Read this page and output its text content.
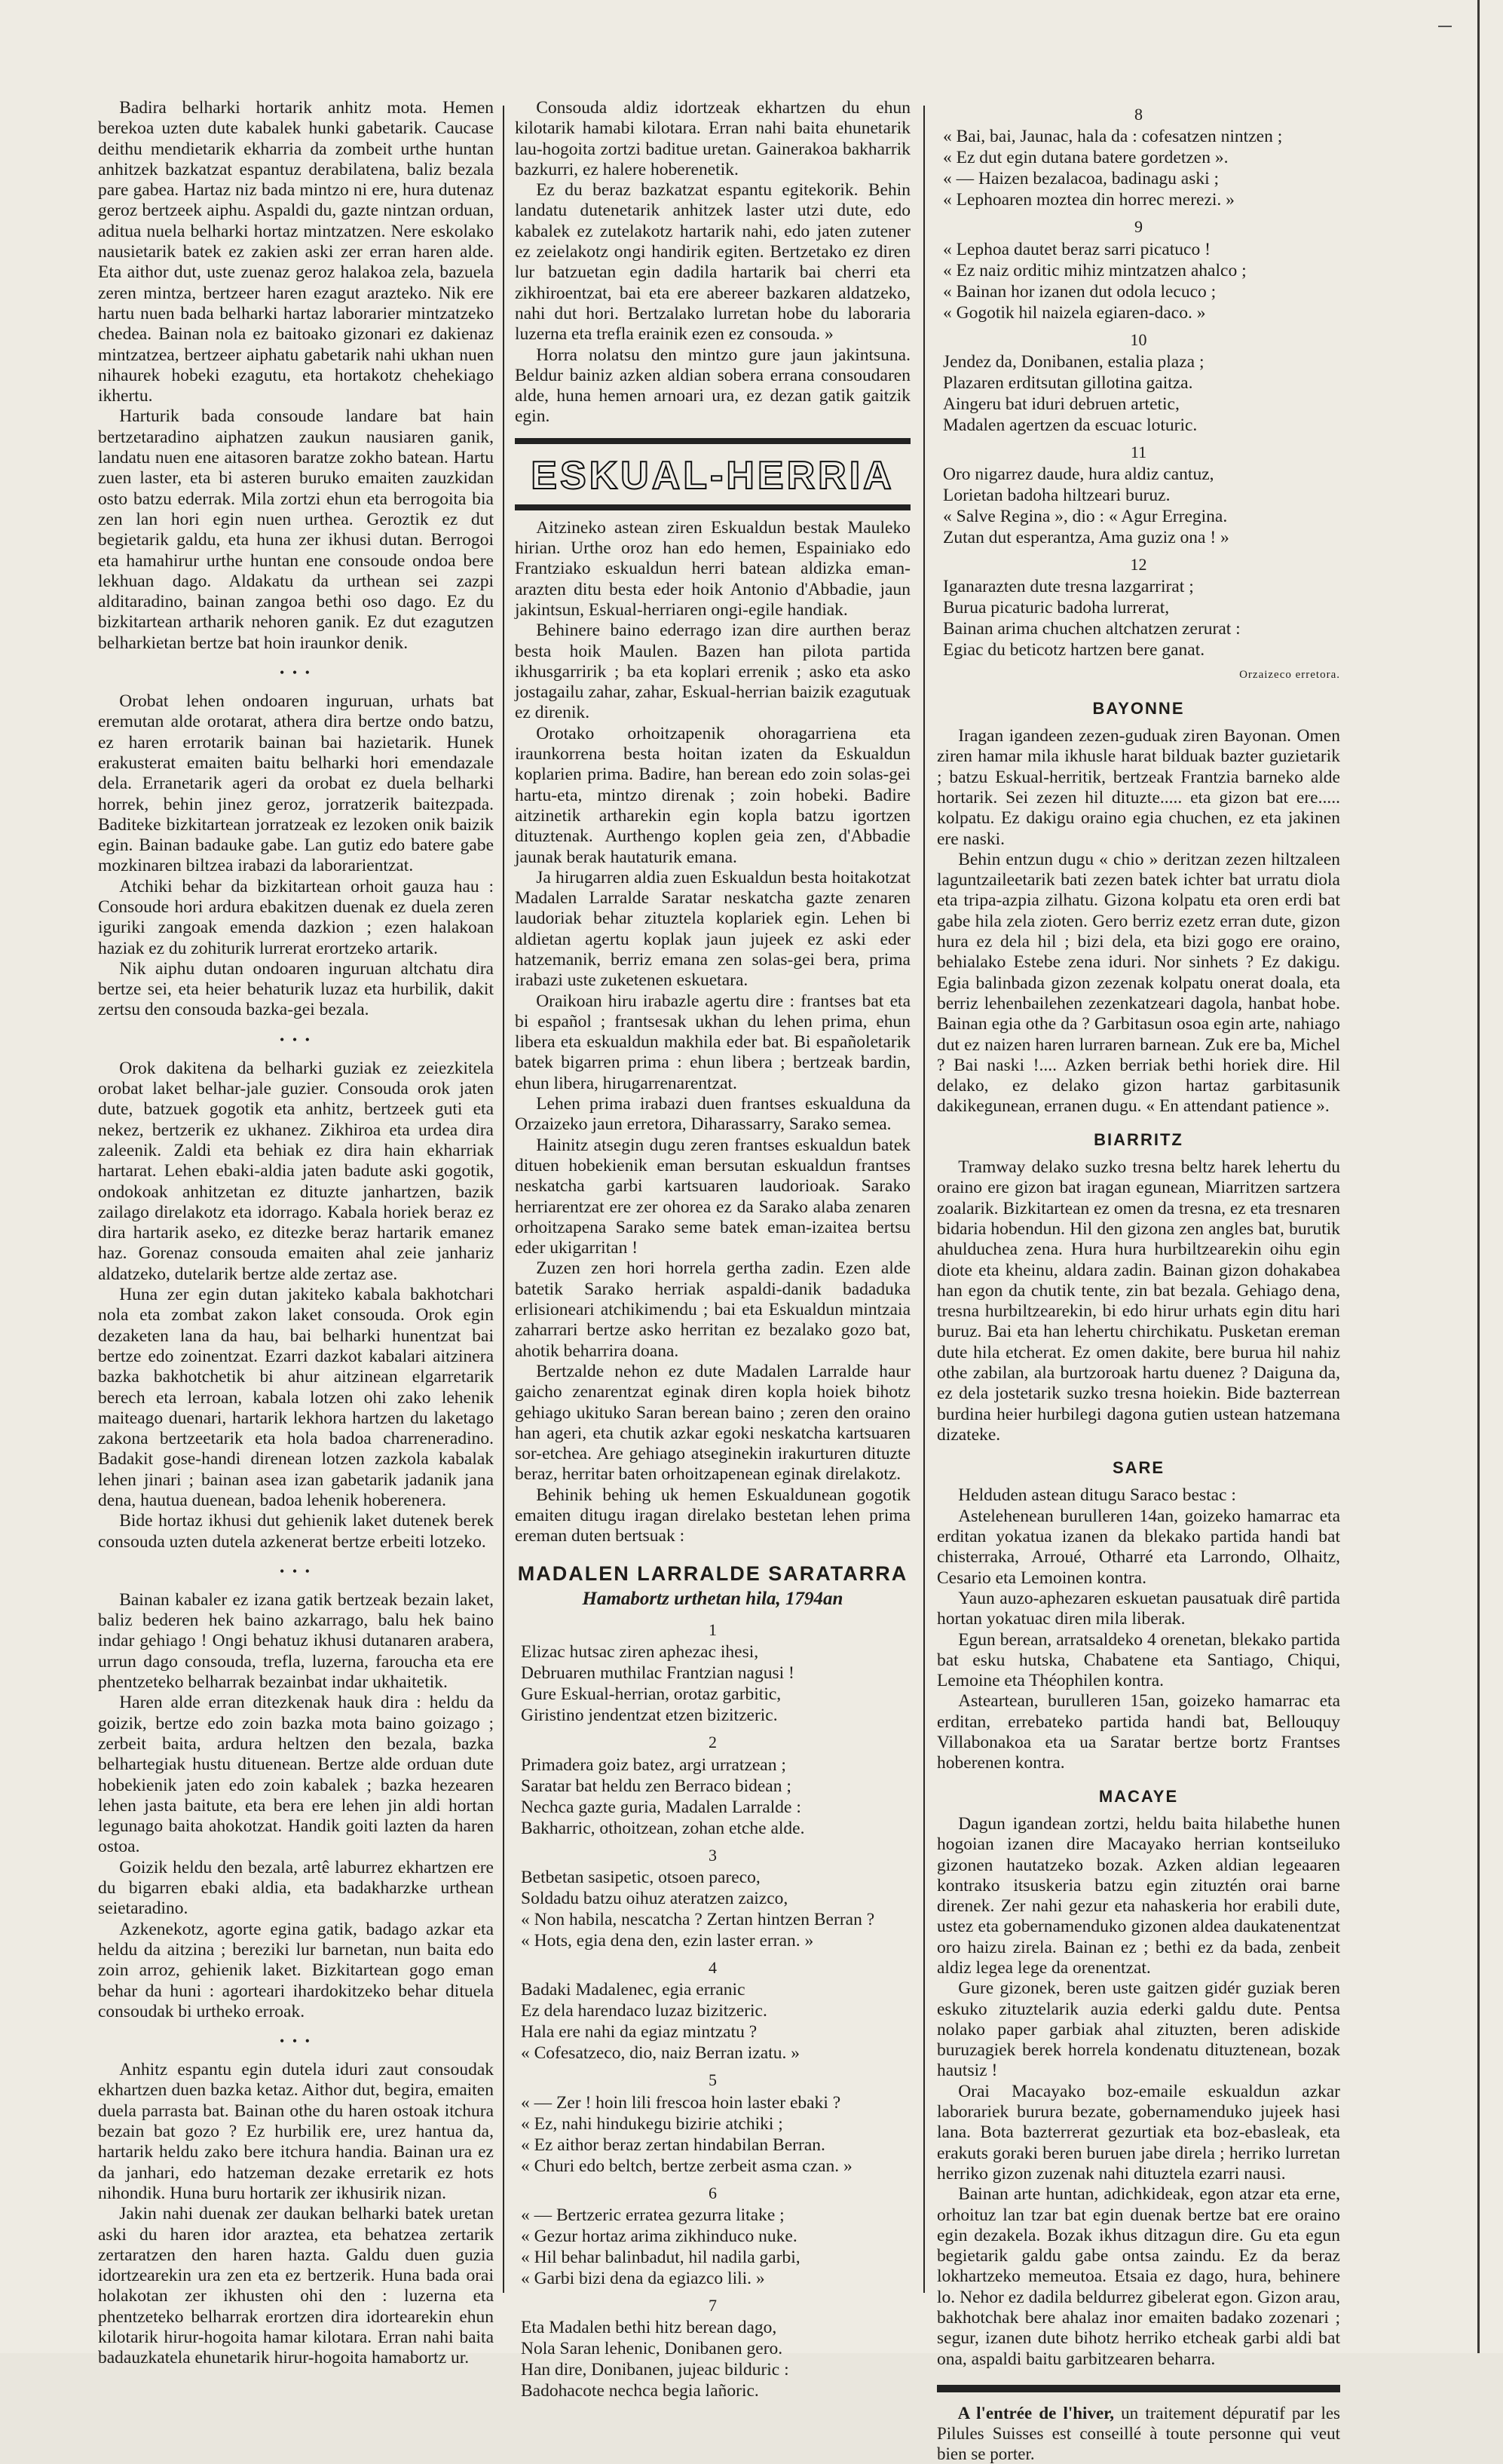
Badira belharki hortarik anhitz mota. Hemen berekoa uzten dute kabalek hunki gabetarik. Caucase deithu mendietarik ekharria da zombeit urthe huntan anhitzek bazkatzat espantuz derabilatena, baliz bezala pare gabea. Hartaz niz bada mintzo ni ere, hura dutenaz geroz bertzeek aiphu. Aspaldi du, gazte nintzan orduan, aditua nuela belharki hortaz mintzatzen. Nere eskolako nausietarik batek ez zakien aski zer erran haren alde. Eta aithor dut, uste zuenaz geroz halakoa zela, bazuela zeren mintza, bertzeer haren ezagut arazteko. Nik ere hartu nuen bada belharki hartaz laborarier mintzatzeko chedea. Bainan nola ez baitoako gizonari ez dakienaz mintzatzea, bertzeer aiphatu gabetarik nahi ukhan nuen nihaurek hobeki ezagutu, eta hortakotz chehekiago ikhertu.

Harturik bada consoude landare bat hain bertzetaradino aiphatzen zaukun nausiaren ganik, landatu nuen ene aitasoren baratze zokho batean. Hartu zuen laster, eta bi asteren buruko emaiten zauzkidan osto batzu ederrak. Mila zortzi ehun eta berrogoita bia zen lan hori egin nuen urthea. Geroztik ez dut begietarik galdu, eta huna zer ikhusi dutan. Berrogoi eta hamahirur urthe huntan ene consoude ondoa bere lekhuan dago. Aldakatu da urthean sei zazpi alditaradino, bainan zangoa bethi oso dago. Ez du bizkitartean artharik nehoren ganik. Ez dut ezagutzen belharkietan bertze bat hoin iraunkor denik.

• • •

Orobat lehen ondoaren inguruan, urhats bat eremutan alde orotarat, athera dira bertze ondo batzu, ez haren errotarik bainan bai hazietarik. Hunek erakusterat emaiten baitu belharki hori emendazale dela. Erranetarik ageri da orobat ez duela belharki horrek, behin jinez geroz, jorratzerik baitezpada. Baditeke bizkitartean jorratzeak ez lezoken onik baizik egin. Bainan badauke gabe. Lan gutiz edo batere gabe mozkinaren biltzea irabazi da laborarientzat.

Atchiki behar da bizkitartean orhoit gauza hau : Consoude hori ardura ebakitzen duenak ez duela zeren iguriki zangoak emenda dazkion ; ezen halakoan haziak ez du zohiturik lurrerat erortzeko artarik.

Nik aiphu dutan ondoaren inguruan altchatu dira bertze sei, eta heier behaturik luzaz eta hurbilik, dakit zertsu den consouda bazka-gei bezala.

• • •

Orok dakitena da belharki guziak ez zeiezkitela orobat laket belhar-jale guzier. Consouda orok jaten dute, batzuek gogotik eta anhitz, bertzeek guti eta nekez, bertzerik ez ukhanez. Zikhiroa eta urdea dira zaleenik. Zaldi eta behiak ez dira hain ekharriak hartarat. Lehen ebaki-aldia jaten badute aski gogotik, ondokoak anhitzetan ez dituzte janhartzen, bazik zailago direlakotz eta idorrago. Kabala horiek beraz ez dira hartarik aseko, ez ditezke beraz hartarik emanez haz. Gorenaz consouda emaiten ahal zeie janhariz aldatzeko, dutelarik bertze alde zertaz ase.

Huna zer egin dutan jakiteko kabala bakhotchari nola eta zombat zakon laket consouda. Orok egin dezaketen lana da hau, bai belharki hunentzat bai bertze edo zoinentzat. Ezarri dazkot kabalari aitzinera bazka bakhotchetik bi ahur aitzinean elgarretarik berech eta lerroan, kabala lotzen ohi zako lehenik maiteago duenari, hartarik lekhora hartzen du laketago zakona bertzeetarik eta hola badoa charreneradino. Badakit gose-handi direnean lotzen zazkola kabalak lehen jinari ; bainan asea izan gabetarik jadanik jana dena, hautua duenean, badoa lehenik hoberenera.

Bide hortaz ikhusi dut gehienik laket dutenek berek consouda uzten dutela azkenerat bertze erbeiti lotzeko.

• • •

Bainan kabaler ez izana gatik bertzeak bezain laket, baliz bederen hek baino azkarrago, balu hek baino indar gehiago ! Ongi behatuz ikhusi dutanaren arabera, urrun dago consouda, trefla, luzerna, faroucha eta ere phentzeteko belharrak bezainbat indar ukhaitetik.

Haren alde erran ditezkenak hauk dira : heldu da goizik, bertze edo zoin bazka mota baino goizago ; zerbeit baita, ardura heltzen den bezala, bazka belhartegiak hustu dituenean. Bertze alde orduan dute hobekienik jaten edo zoin kabalek ; bazka hezearen lehen jasta baitute, eta bera ere lehen jin aldi hortan legunago baita ahokotzat. Handik goiti lazten da haren ostoa.

Goizik heldu den bezala, artê laburrez ekhartzen ere du bigarren ebaki aldia, eta badakharzke urthean seietaradino.

Azkenekotz, agorte egina gatik, badago azkar eta heldu da aitzina ; bereziki lur barnetan, nun baita edo zoin arroz, gehienik laket. Bizkitartean gogo eman behar da huni : agorteari ihardokitzeko behar dituela consoudak bi urtheko erroak.

• • •

Anhitz espantu egin dutela iduri zaut consoudak ekhartzen duen bazka ketaz. Aithor dut, begira, emaiten duela parrasta bat. Bainan othe du haren ostoak itchura bezain bat gozo ? Ez hurbilik ere, urez hantua da, hartarik heldu zako bere itchura handia. Bainan ura ez da janhari, edo hatzeman dezake erretarik ez hots nihondik. Huna buru hortarik zer ikhusirik nizan.

Jakin nahi duenak zer daukan belharki batek uretan aski du haren idor araztea, eta behatzea zertarik zertaratzen den haren hazta. Galdu duen guzia idortzearekin ura zen eta ez bertzerik. Huna bada orai holakotan zer ikhusten ohi den : luzerna eta phentzeteko belharrak erortzen dira idortearekin ehun kilotarik hirur-hogoita hamar kilotara. Erran nahi baita badauzkatela ehunetarik hirur-hogoita hamabortz ur.

Consouda aldiz idortzeak ekhartzen du ehun kilotarik hamabi kilotara. Erran nahi baita ehunetarik lau-hogoita zortzi baditue uretan. Gainerakoa bakharrik bazkurri, ez halere hoberenetik.

Ez du beraz bazkatzat espantu egitekorik. Behin landatu dutenetarik anhitzek laster utzi dute, edo kabalek ez zutelakotz hartarik nahi, edo jaten zutener ez zeielakotz ongi handirik egiten. Bertzetako ez diren lur batzuetan egin dadila hartarik bai cherri eta zikhiroentzat, bai eta ere abereer bazkaren aldatzeko, nahi dut hori. Bertzalako lurretan hobe du laboraria luzerna eta trefla erainik ezen ez consouda. »

Horra nolatsu den mintzo gure jaun jakintsuna. Beldur bainiz azken aldian sobera errana consoudaren alde, huna hemen arnoari ura, ez dezan gatik gaitzik egin.

ESKUAL-HERRIA

Aitzineko astean ziren Eskualdun bestak Mauleko hirian. Urthe oroz han edo hemen, Espainiako edo Frantziako eskualdun herri batean aldizka eman-arazten ditu besta eder hoik Antonio d'Abbadie, jaun jakintsun, Eskual-herriaren ongi-egile handiak.

Behinere baino ederrago izan dire aurthen beraz besta hoik Maulen. Bazen han pilota partida ikhusgarririk ; ba eta koplari errenik ; asko eta asko jostagailu zahar, zahar, Eskual-herrian baizik ezagutuak ez direnik.

Orotako orhoitzapenik ohoragarriena eta iraunkorrena besta hoitan izaten da Eskualdun koplarien prima. Badire, han berean edo zoin solas-gei hartu-eta, mintzo direnak ; zoin hobeki. Badire aitzinetik artharekin egin kopla batzu igortzen dituztenak. Aurthengo koplen geia zen, d'Abbadie jaunak berak hautaturik emana.

Ja hirugarren aldia zuen Eskualdun besta hoitakotzat Madalen Larralde Saratar neskatcha gazte zenaren laudoriak behar zituztela koplariek egin. Lehen bi aldietan agertu koplak jaun jujeek ez aski eder hatzemanik, berriz emana zen solas-gei bera, prima irabazi uste zuketenen eskuetara.

Oraikoan hiru irabazle agertu dire : frantses bat eta bi español ; frantsesak ukhan du lehen prima, ehun libera eta eskualdun makhila eder bat. Bi españoletarik batek bigarren prima : ehun libera ; bertzeak bardin, ehun libera, hirugarrenarentzat.

Lehen prima irabazi duen frantses eskualduna da Orzaizeko jaun erretora, Diharassarry, Sarako semea.

Hainitz atsegin dugu zeren frantses eskualdun batek dituen hobekienik eman bersutan eskualdun frantses neskatcha garbi kartsuaren laudorioak. Sarako herriarentzat ere zer ohorea ez da Sarako alaba zenaren orhoitzapena Sarako seme batek eman-izaitea bertsu eder ukigarritan !

Zuzen zen hori horrela gertha zadin. Ezen alde batetik Sarako herriak aspaldi-danik badaduka erlisioneari atchikimendu ; bai eta Eskualdun mintzaia zaharrari bertze asko herritan ez bezalako gozo bat, ahotik beharrira doana.

Bertzalde nehon ez dute Madalen Larralde haur gaicho zenarentzat eginak diren kopla hoiek bihotz gehiago ukituko Saran berean baino ; zeren den oraino han ageri, eta chutik azkar egoki neskatcha kartsuaren sor-etchea. Are gehiago atseginekin irakurturen dituzte beraz, herritar baten orhoitzapenean eginak direlakotz.

Behinik behing uk hemen Eskualdunean gogotik emaiten ditugu iragan direlako bestetan lehen prima ereman duten bertsuak :

MADALEN LARRALDE SARATARRA
Hamabortz urthetan hila, 1794an
1

Elizac hutsac ziren aphezac ihesi,

Debruaren muthilac Frantzian nagusi !

Gure Eskual-herrian, orotaz garbitic,

Giristino jendentzat etzen bizitzeric.

2

Primadera goiz batez, argi urratzean ;

Saratar bat heldu zen Berraco bidean ;

Nechca gazte guria, Madalen Larralde :

Bakharric, othoitzean, zohan etche alde.

3

Betbetan sasipetic, otsoen pareco,

Soldadu batzu oihuz ateratzen zaizco,

« Non habila, nescatcha ? Zertan hintzen Berran ?

« Hots, egia dena den, ezin laster erran. »

4

Badaki Madalenec, egia erranic

Ez dela harendaco luzaz bizitzeric.

Hala ere nahi da egiaz mintzatu ?

« Cofesatzeco, dio, naiz Berran izatu. »

5

« — Zer ! hoin lili frescoa hoin laster ebaki ?

« Ez, nahi hindukegu bizirie atchiki ;

« Ez aithor beraz zertan hindabilan Berran.

« Churi edo beltch, bertze zerbeit asma czan. »

6

« — Bertzeric erratea gezurra litake ;

« Gezur hortaz arima zikhinduco nuke.

« Hil behar balinbadut, hil nadila garbi,

« Garbi bizi dena da egiazco lili. »

7

Eta Madalen bethi hitz berean dago,

Nola Saran lehenic, Donibanen gero.

Han dire, Donibanen, jujeac bilduric :

Badohacote nechca begia lañoric.

8

« Bai, bai, Jaunac, hala da : cofesatzen nintzen ;

« Ez dut egin dutana batere gordetzen ».

« — Haizen bezalacoa, badinagu aski ;

« Lephoaren moztea din horrec merezi. »

9

« Lephoa dautet beraz sarri picatuco !

« Ez naiz orditic mihiz mintzatzen ahalco ;

« Bainan hor izanen dut odola lecuco ;

« Gogotik hil naizela egiaren-daco. »

10

Jendez da, Donibanen, estalia plaza ;

Plazaren erditsutan gillotina gaitza.

Aingeru bat iduri debruen artetic,

Madalen agertzen da escuac loturic.

11

Oro nigarrez daude, hura aldiz cantuz,

Lorietan badoha hiltzeari buruz.

« Salve Regina », dio : « Agur Erregina.

Zutan dut esperantza, Ama guziz ona ! »

12

Iganarazten dute tresna lazgarrirat ;

Burua picaturic badoha lurrerat,

Bainan arima chuchen altchatzen zerurat :

Egiac du beticotz hartzen bere ganat.

Orzaizeco erretora.
BAYONNE

Iragan igandeen zezen-guduak ziren Bayonan. Omen ziren hamar mila ikhusle harat bilduak bazter guzietarik ; batzu Eskual-herritik, bertzeak Frantzia barneko alde hortarik. Sei zezen hil dituzte..... eta gizon bat ere..... kolpatu. Ez dakigu oraino egia chuchen, ez eta jakinen ere naski.

Behin entzun dugu « chio » deritzan zezen hiltzaleen laguntzaileetarik bati zezen batek ichter bat urratu diola eta tripa-azpia zilhatu. Gizona kolpatu eta oren erdi bat gabe hila zela zioten. Gero berriz ezetz erran dute, gizon hura ez dela hil ; bizi dela, eta bizi gogo ere oraino, behialako Estebe zena iduri. Nor sinhets ? Ez dakigu. Egia balinbada gizon zezenak kolpatu onerat doala, eta berriz lehenbailehen zezenkatzeari dagola, hanbat hobe. Bainan egia othe da ? Garbitasun osoa egin arte, nahiago dut ez naizen haren lurraren barnean. Zuk ere ba, Michel ? Bai naski !.... Azken berriak bethi horiek dire. Hil delako, ez delako gizon hartaz garbitasunik dakikegunean, erranen dugu. « En attendant patience ».

BIARRITZ

Tramway delako suzko tresna beltz harek lehertu du oraino ere gizon bat iragan egunean, Miarritzen sartzera zoalarik. Bizkitartean ez omen da tresna, ez eta tresnaren bidaria hobendun. Hil den gizona zen angles bat, burutik ahulduchea zena. Hura hura hurbiltzearekin oihu egin diote eta kheinu, aldara zadin. Bainan gizon dohakabea han egon da chutik tente, zin bat bezala. Gehiago dena, tresna hurbiltzearekin, bi edo hirur urhats egin ditu hari buruz. Bai eta han lehertu chirchikatu. Pusketan ereman dute hila etcherat. Ez omen dakite, bere burua hil nahiz othe zabilan, ala burtzoroak hartu duenez ? Daiguna da, ez dela jostetarik suzko tresna hoiekin. Bide bazterrean burdina heier hurbilegi dagona gutien ustean hatzemana dizateke.

SARE

Helduden astean ditugu Saraco bestac :

Astelehenean burulleren 14an, goizeko hamarrac eta erditan yokatua izanen da blekako partida handi bat chisterraka, Arroué, Otharré eta Larrondo, Olhaitz, Cesario eta Lemoinen kontra.

Yaun auzo-aphezaren eskuetan pausatuak dirê partida hortan yokatuac diren mila liberak.

Egun berean, arratsaldeko 4 orenetan, blekako partida bat esku hutska, Chabatene eta Santiago, Chiqui, Lemoine eta Théophilen kontra.

Asteartean, burulleren 15an, goizeko hamarrac eta erditan, errebateko partida handi bat, Bellouquy Villabonakoa eta ua Saratar bertze bortz Frantses hoberenen kontra.

MACAYE

Dagun igandean zortzi, heldu baita hilabethe hunen hogoian izanen dire Macayako herrian kontseiluko gizonen hautatzeko bozak. Azken aldian legeaaren kontrako itsuskeria batzu egin zituztén orai barne direnek. Zer nahi gezur eta nahaskeria hor erabili dute, ustez eta gobernamenduko gizonen aldea daukatenentzat oro haizu zirela. Bainan ez ; bethi ez da bada, zenbeit aldiz legea lege da orenentzat.

Gure gizonek, beren uste gaitzen gidér guziak beren eskuko zituztelarik auzia ederki galdu dute. Pentsa nolako paper garbiak ahal zituzten, beren adiskide buruzagiek berek horrela kondenatu dituztenean, bozak hautsiz !

Orai Macayako boz-emaile eskualdun azkar laborariek burura bezate, gobernamenduko jujeek hasi lana. Bota bazterrerat gezurtiak eta boz-ebasleak, eta erakuts goraki beren buruen jabe direla ; herriko lurretan herriko gizon zuzenak nahi dituztela ezarri nausi.

Bainan arte huntan, adichkideak, egon atzar eta erne, orhoituz lan tzar bat egin duenak bertze bat ere oraino egin dezakela. Bozak ikhus ditzagun dire. Gu eta egun begietarik galdu gabe ontsa zaindu. Ez da beraz lokhartzeko memeutoa. Etsaia ez dago, hura, behinere lo. Nehor ez dadila beldurrez gibelerat egon. Gizon arau, bakhotchak bere ahalaz inor emaiten badako zozenari ; segur, izanen dute bihotz herriko etcheak garbi aldi bat ona, aspaldi baitu garbitzearen beharra.

A l'entrée de l'hiver, un traitement dépuratif par les Pilules Suisses est conseillé à toute personne qui veut bien se porter.
